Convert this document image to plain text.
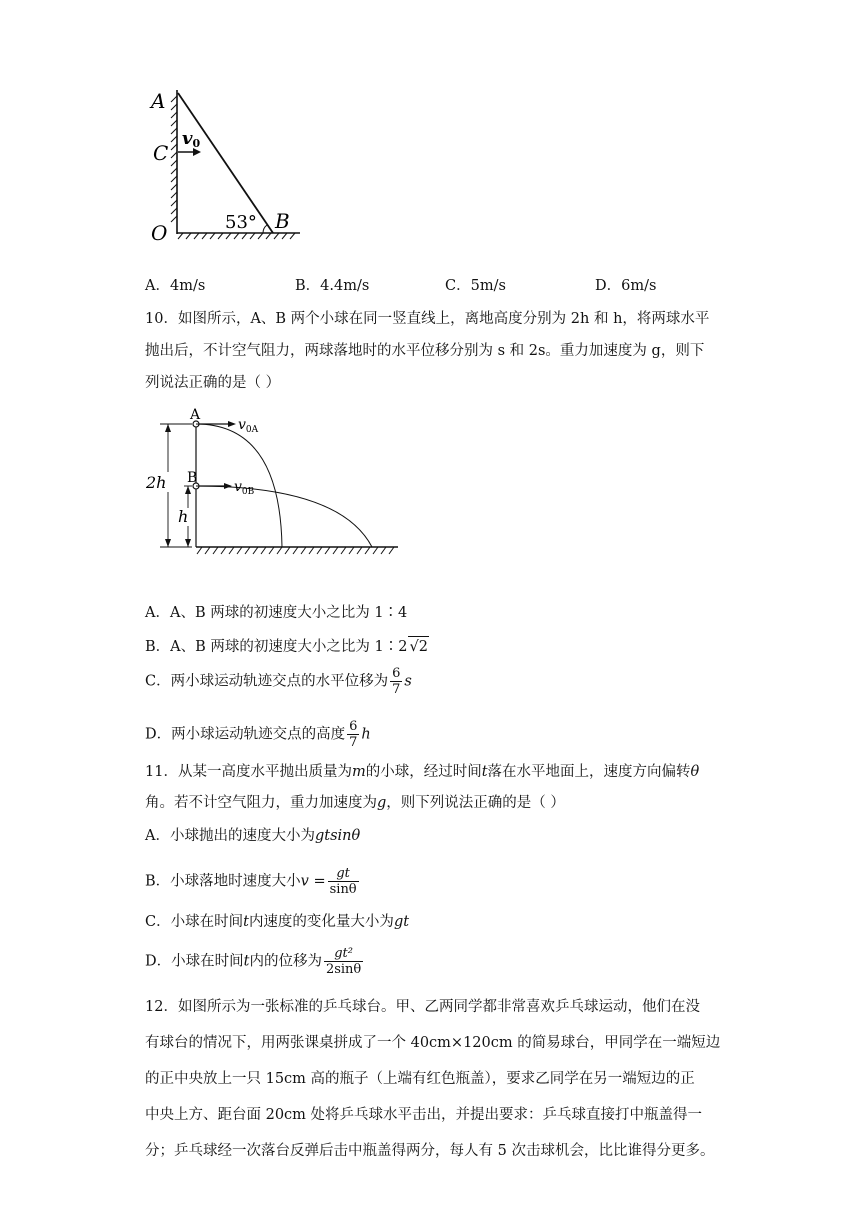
A
C
O	B
53°
v0
A．4m/s	B．4.4m/s	C．5m/s	D．6m/s
10．如图所示，A、B 两个小球在同一竖直线上，离地高度分别为 2h 和 h，将两球水平
抛出后，不计空气阻力，两球落地时的水平位移分别为 s 和 2s。重力加速度为 g，则下
列说法正确的是（ ）
A
B
$v_{0A}$
$v_{0B}$
2h
h
A．A、B 两球的初速度大小之比为 1∶4
B．A、B 两球的初速度大小之比为 1∶2 √2
C．两小球运动轨迹交点的水平位移为 $\frac{6}{7}$ s
D．两小球运动轨迹交点的高度 $\frac{6}{7}$ h
11．从某一高度水平抛出质量为m的小球，经过时间t落在水平地面上，速度方向偏转θ
角。若不计空气阻力，重力加速度为g，则下列说法正确的是（ ）
A．小球抛出的速度大小为gtsinθ
B．小球落地时速度大小$v = \frac{gt}{\sin\theta}$
C．小球在时间t内速度的变化量大小为gt
D．小球在时间t内的位移为 $\frac{\text{gt²}}{2\sin\theta}$
12．如图所示为一张标准的乒乓球台。甲、乙两同学都非常喜欢乒乓球运动，他们在没
有球台的情况下，用两张课桌拼成了一个 40cm×120cm 的简易球台，甲同学在一端短边
的正中央放上一只 15cm 高的瓶子（上端有红色瓶盖），要求乙同学在另一端短边的正
中央上方、距台面 20cm 处将乒乓球水平击出，并提出要求：乒乓球直接打中瓶盖得一
分；乒乓球经一次落台反弹后击中瓶盖得两分，每人有 5 次击球机会，比比谁得分更多。
